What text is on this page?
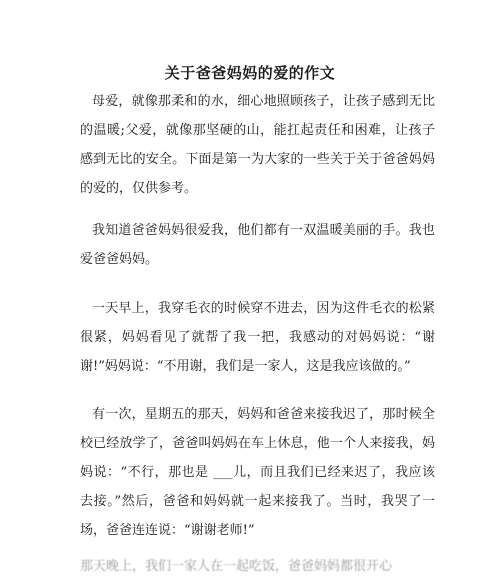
关于爸爸妈妈的爱的作文

母爱，就像那柔和的水，细心地照顾孩子，让孩子感到无比的温暖;父爱，就像那坚硬的山，能扛起责任和困难，让孩子感到无比的安全。下面是第一为大家的一些关于关于爸爸妈妈的爱的，仅供参考。

我知道爸爸妈妈很爱我，他们都有一双温暖美丽的手。我也爱爸爸妈妈。

一天早上，我穿毛衣的时候穿不进去，因为这件毛衣的松紧很紧，妈妈看见了就帮了我一把，我感动的对妈妈说：“谢谢!”妈妈说：“不用谢，我们是一家人，这是我应该做的。”

有一次，星期五的那天，妈妈和爸爸来接我迟了，那时候全校已经放学了，爸爸叫妈妈在车上休息，他一个人来接我，妈妈说：“不行，那也是 ___儿，而且我们已经来迟了，我应该去接。”然后，爸爸和妈妈就一起来接我了。当时，我哭了一场，爸爸连连说：“谢谢老师!”

那天晚上，我们一家人在一起吃饭，爸爸妈妈都很开心
